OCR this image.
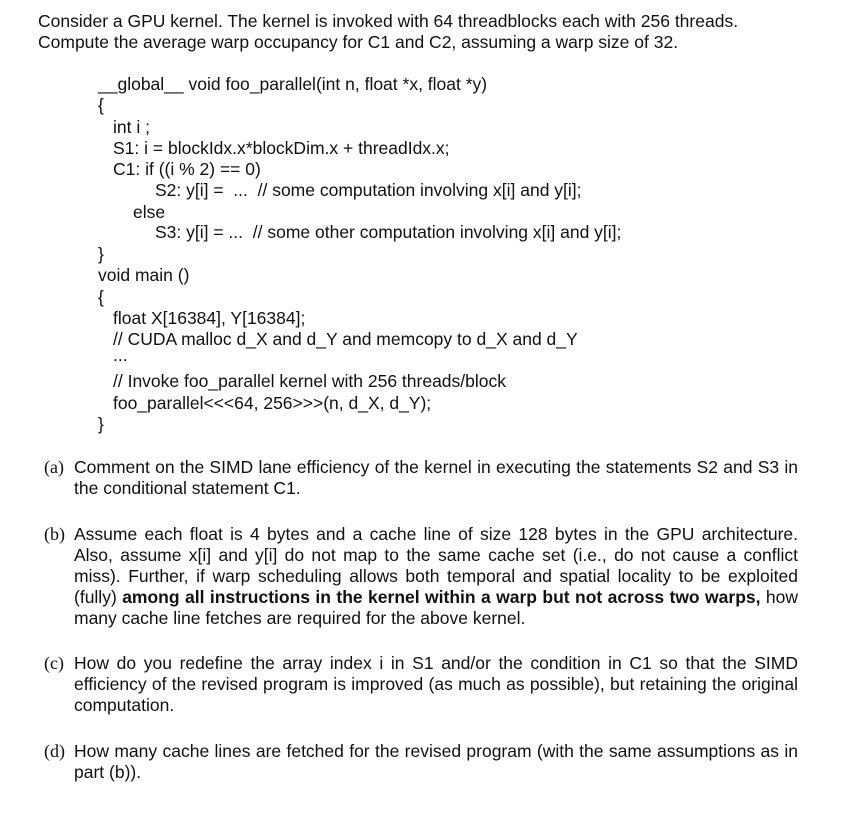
Consider a GPU kernel. The kernel is invoked with 64 threadblocks each with 256 threads.
Compute the average warp occupancy for C1 and C2, assuming a warp size of 32.
__global__ void foo_parallel(int n, float *x, float *y)
{
int i ;
S1: i = blockIdx.x*blockDim.x + threadIdx.x;
C1: if ((i % 2) == 0)
S2: y[i] =  ...  // some computation involving x[i] and y[i];
else
S3: y[i] = ...  // some other computation involving x[i] and y[i];
}
void main ()
{
float X[16384], Y[16384];
// CUDA malloc d_X and d_Y and memcopy to d_X and d_Y
...
// Invoke foo_parallel kernel with 256 threads/block
foo_parallel<<<64, 256>>>(n, d_X, d_Y);
}
(a) Comment on the SIMD lane efficiency of the kernel in executing the statements S2 and S3 in the conditional statement C1.
(b) Assume each float is 4 bytes and a cache line of size 128 bytes in the GPU architecture. Also, assume x[i] and y[i] do not map to the same cache set (i.e., do not cause a conflict miss). Further, if warp scheduling allows both temporal and spatial locality to be exploited (fully) among all instructions in the kernel within a warp but not across two warps, how many cache line fetches are required for the above kernel.
(c) How do you redefine the array index i in S1 and/or the condition in C1 so that the SIMD efficiency of the revised program is improved (as much as possible), but retaining the original computation.
(d) How many cache lines are fetched for the revised program (with the same assumptions as in part (b)).
